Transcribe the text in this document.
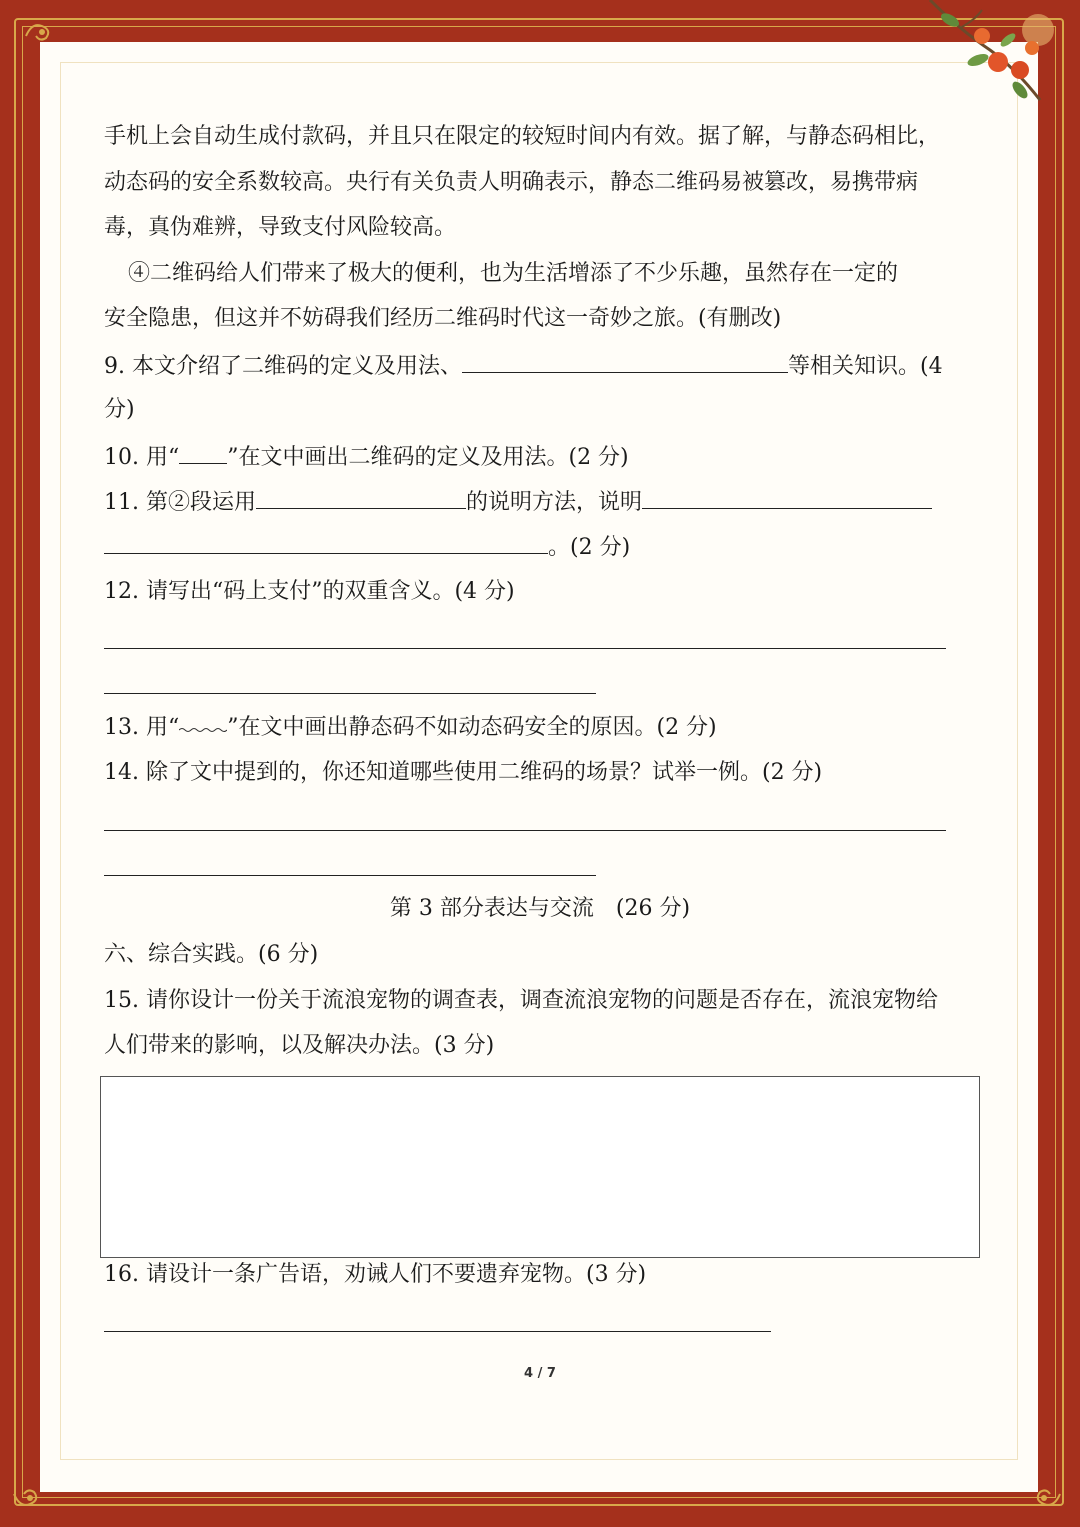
手机上会自动生成付款码，并且只在限定的较短时间内有效。据了解，与静态码相比，
动态码的安全系数较高。央行有关负责人明确表示，静态二维码易被篡改，易携带病
毒，真伪难辨，导致支付风险较高。
④二维码给人们带来了极大的便利，也为生活增添了不少乐趣，虽然存在一定的
安全隐患，但这并不妨碍我们经历二维码时代这一奇妙之旅。(有删改)
9. 本文介绍了二维码的定义及用法、	等相关知识。(4
分)
10. 用“ ”在文中画出二维码的定义及用法。(2 分)
11. 第②段运用	的说明方法，说明
。(2 分)
12. 请写出“码上支付”的双重含义。(4 分)
13. 用“ ”在文中画出静态码不如动态码安全的原因。(2 分)
14. 除了文中提到的，你还知道哪些使用二维码的场景？试举一例。(2 分)
第 3 部分表达与交流　(26 分)
六、综合实践。(6 分)
15. 请你设计一份关于流浪宠物的调查表，调查流浪宠物的问题是否存在，流浪宠物给
人们带来的影响，以及解决办法。(3 分)
16. 请设计一条广告语，劝诫人们不要遗弃宠物。(3 分)
4 / 7
